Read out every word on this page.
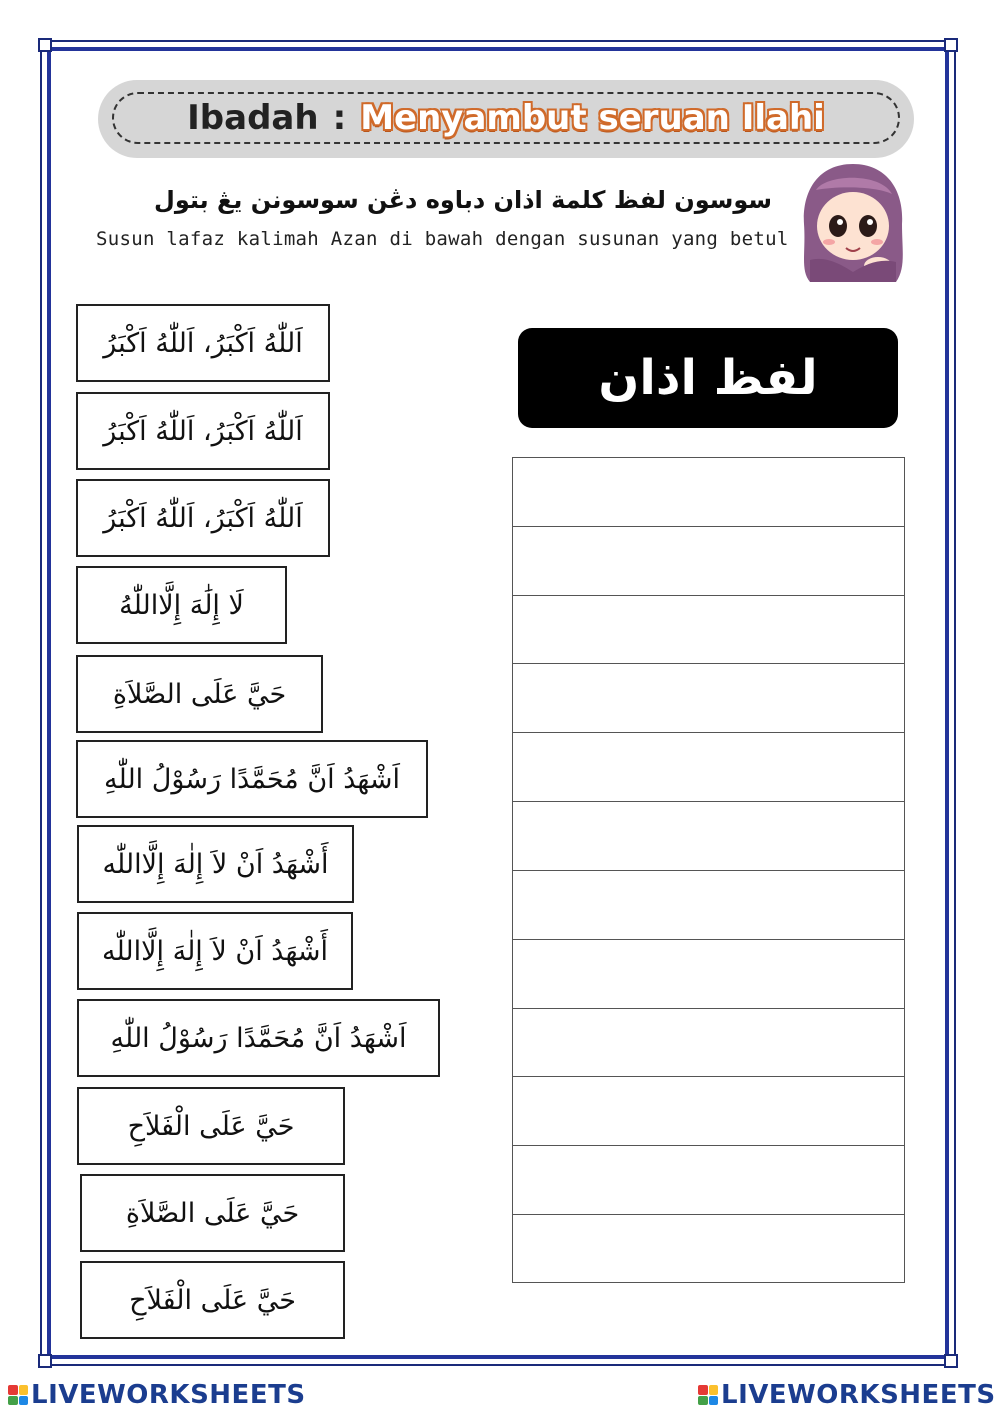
Ibadah : Menyambut seruan Ilahi
سوسون لفظ كلمة اذان دباوه دڠن سوسونن يڠ بتول
Susun lafaz kalimah Azan di bawah dengan susunan yang betul
لفظ اذان
اَللّٰهُ اَكْبَرُ، اَللّٰهُ اَكْبَرُ
اَللّٰهُ اَكْبَرُ، اَللّٰهُ اَكْبَرُ
اَللّٰهُ اَكْبَرُ، اَللّٰهُ اَكْبَرُ
لَا إِلَٰهَ إِلَّااللّٰهُ
حَيَّ عَلَى الصَّلاَةِ
اَشْهَدُ اَنَّ مُحَمَّدًا رَسُوْلُ اللّٰهِ
أَشْهَدُ اَنْ لاَ إِلٰهَ إِلَّااللّٰه
أَشْهَدُ اَنْ لاَ إِلٰهَ إِلَّااللّٰه
اَشْهَدُ اَنَّ مُحَمَّدًا رَسُوْلُ اللّٰهِ
حَيَّ عَلَى الْفَلاَحِ
حَيَّ عَلَى الصَّلاَةِ
حَيَّ عَلَى الْفَلاَحِ
LIVEWORKSHEETS	LIVEWORKSHEETS
